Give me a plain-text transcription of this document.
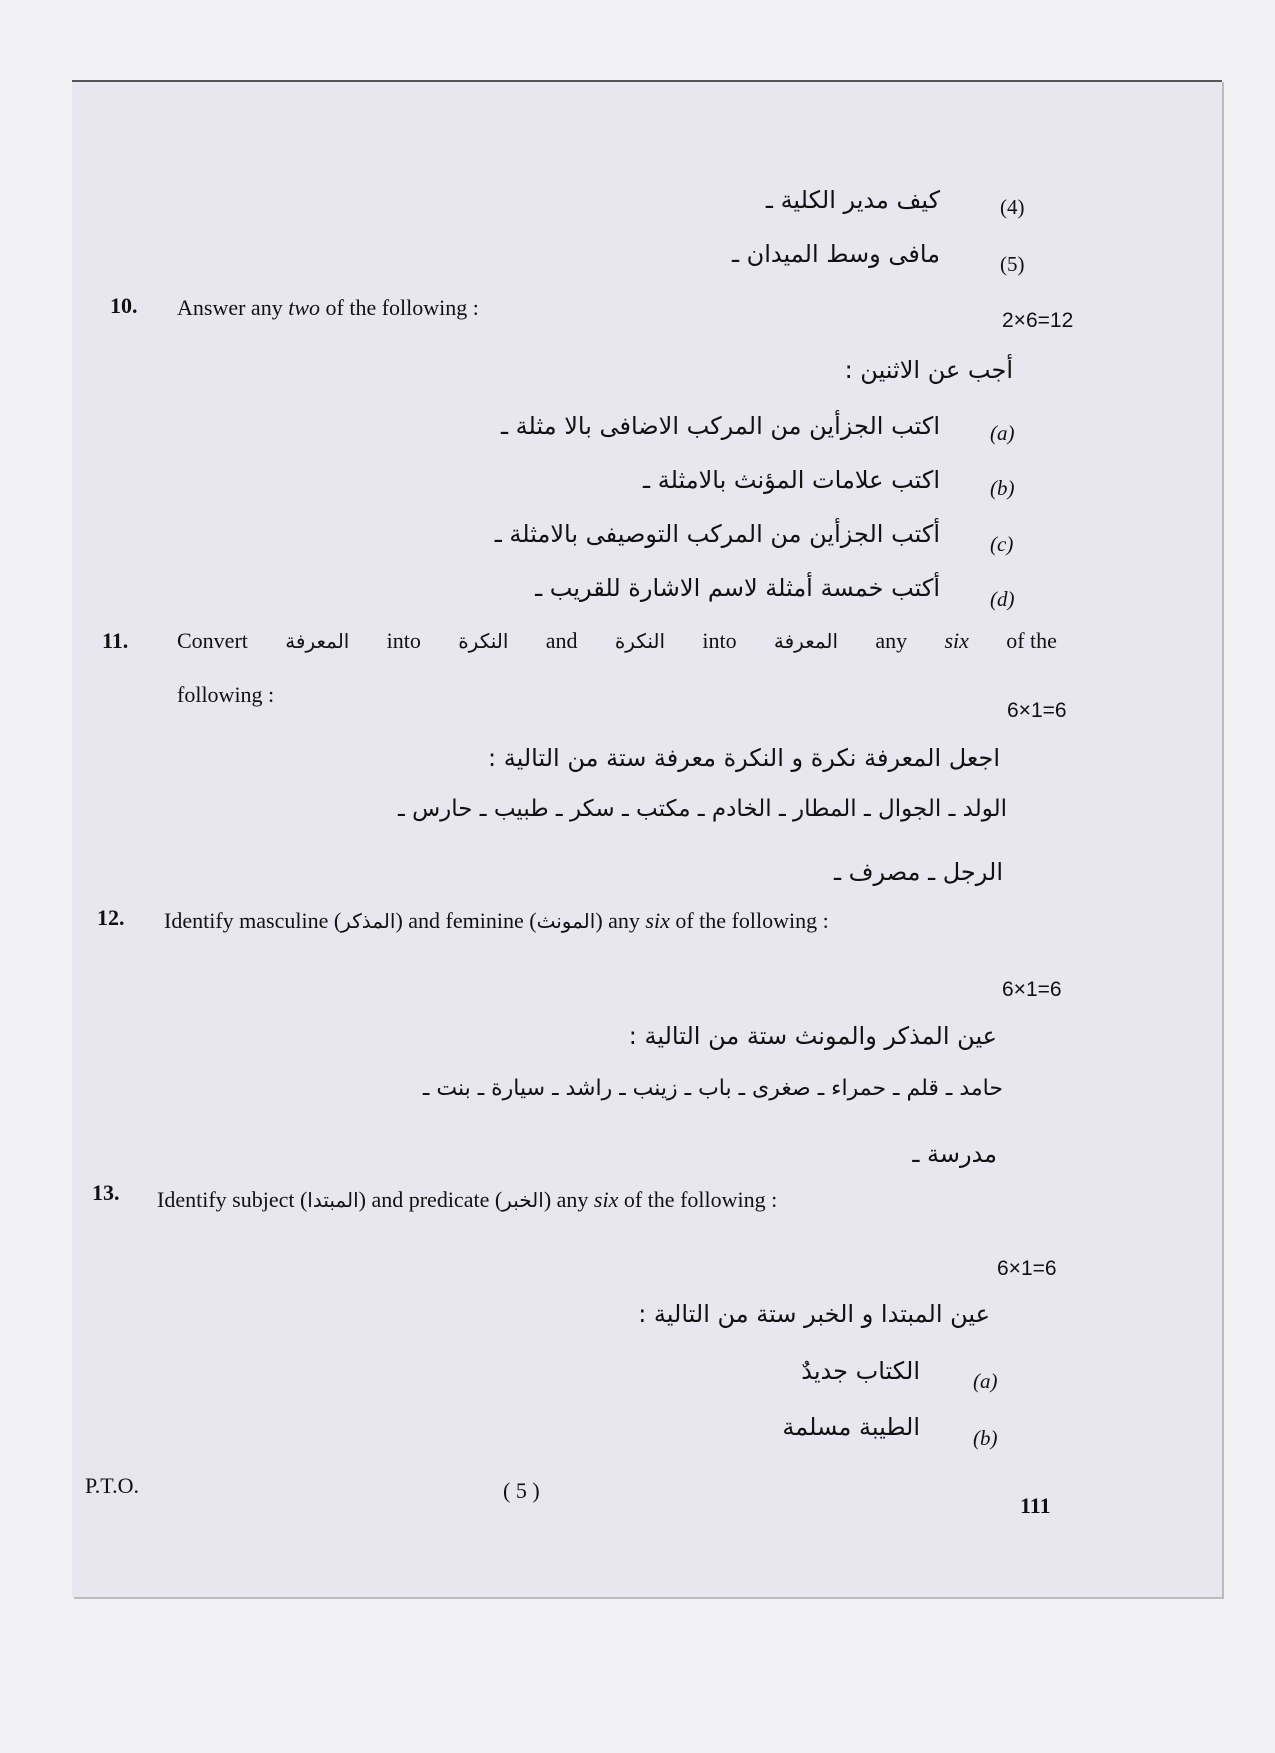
كيف مدير الكلية ـ	(4)
مافى وسط الميدان ـ	(5)
10. Answer any two of the following :
2×6=12
أجب عن الاثنين :
اكتب الجزأين من المركب الاضافى بالا مثلة ـ (a)
اكتب علامات المؤنث بالامثلة ـ (b)
أكتب الجزأين من المركب التوصيفى بالامثلة ـ (c)
أكتب خمسة أمثلة لاسم الاشارة للقريب ـ (d)
11. Convert المعرفة into النكرة and النكرة into المعرفة any six of the
following :
6×1=6
اجعل المعرفة نكرة و النكرة معرفة ستة من التالية :
الولد ـ الجوال ـ المطار ـ الخادم ـ مكتب ـ سكر ـ طبيب ـ حارس ـ
الرجل ـ مصرف ـ
12. Identify masculine (المذكر) and feminine (المونث) any six of the following :
6×1=6
عين المذكر والمونث ستة من التالية :
حامد ـ قلم ـ حمراء ـ صغرى ـ باب ـ زينب ـ راشد ـ سيارة ـ بنت ـ
مدرسة ـ
13. Identify subject (المبتدا) and predicate (الخبر) any six of the following :
6×1=6
عين المبتدا و الخبر ستة من التالية :
الكتاب جديدٌ	(a)
الطيبة مسلمة	(b)
P.T.O.	( 5 )
111
